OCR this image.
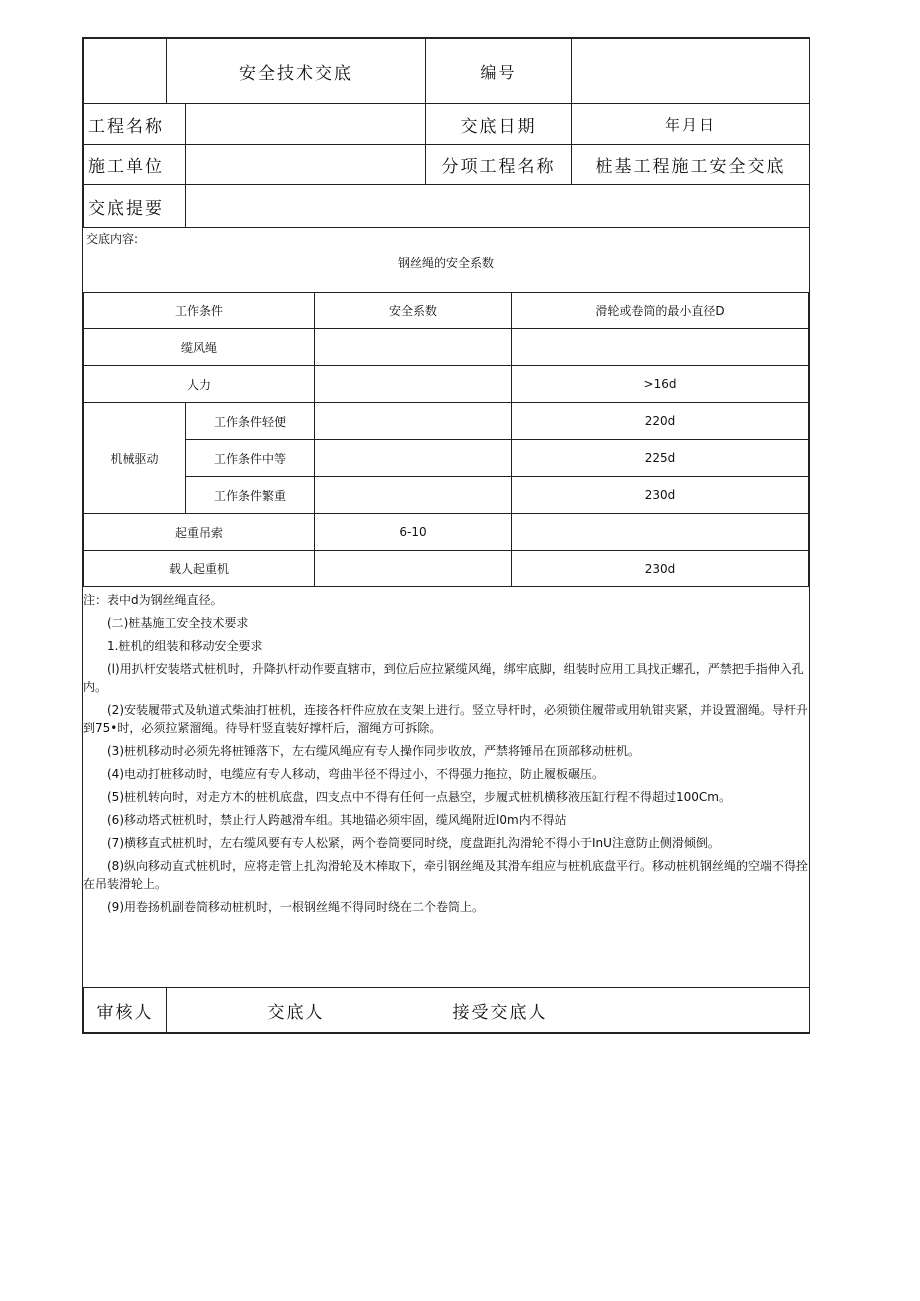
	安全技术交底		编号	
工程名称			交底日期	年月日
施工单位			分项工程名称	桩基工程施工安全交底
交底提要				
交底内容:
钢丝绳的安全系数
工作条件		安全系数	滑轮或卷筒的最小直径D
缆风绳			
人力			>16d
机械驱动	工作条件轻便		220d
	工作条件中等		225d
	工作条件繁重		230d
起重吊索		6-10	
载人起重机			230d

注：表中d为钢丝绳直径。

(二)桩基施工安全技术要求

1.桩机的组装和移动安全要求

(l)用扒杆安装塔式桩机时，升降扒杆动作要直辖市，到位后应拉紧缆风绳，绑牢底脚，组装时应用工具找正螺孔，严禁把手指伸入孔内。

(2)安装履带式及轨道式柴油打桩机，连接各杆件应放在支架上进行。竖立导杆时，必须锁住履带或用轨钳夹紧，并设置溜绳。导杆升到75•时，必须拉紧溜绳。待导杆竖直装好撑杆后，溜绳方可拆除。

(3)桩机移动时必须先将桩锤落下，左右缆风绳应有专人操作同步收放，严禁将锤吊在顶部移动桩机。

(4)电动打桩移动时，电缆应有专人移动，弯曲半径不得过小，不得强力拖拉，防止履板碾压。

(5)桩机转向时，对走方木的桩机底盘，四支点中不得有任何一点悬空，步履式桩机横移液压缸行程不得超过100Cm。

(6)移动塔式桩机时，禁止行人跨越滑车组。其地锚必须牢固，缆风绳附近l0m内不得站

(7)横移直式桩机时，左右缆风要有专人松紧，两个卷筒要同时绕，度盘距扎沟滑轮不得小于InU注意防止侧滑倾倒。

(8)纵向移动直式桩机时，应将走管上扎沟滑轮及木棒取下，牵引钢丝绳及其滑车组应与桩机底盘平行。移动桩机钢丝绳的空端不得拴在吊装滑轮上。

(9)用卷扬机副卷筒移动桩机时，一根钢丝绳不得同时绕在二个卷筒上。

审核人	交底人	接受交底人
